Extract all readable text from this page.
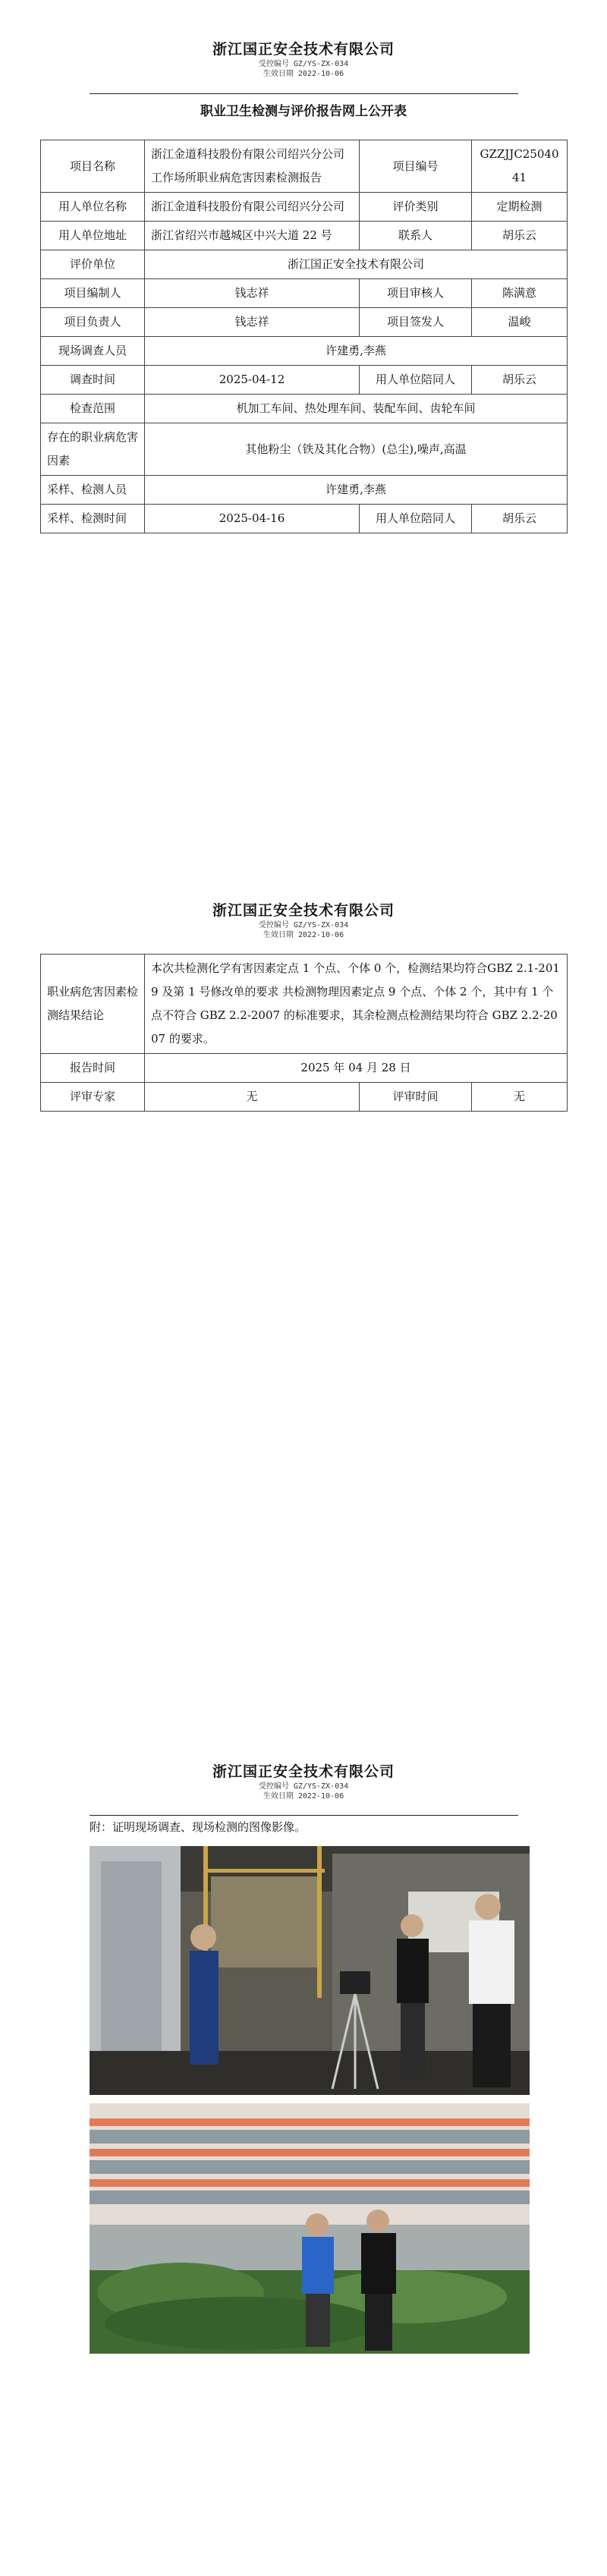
浙江国正安全技术有限公司
受控编号 GZ/YS-ZX-034
生效日期 2022-10-06
职业卫生检测与评价报告网上公开表
项目名称	浙江金道科技股份有限公司绍兴分公司工作场所职业病危害因素检测报告	项目编号	GZZJJC2504041
用人单位名称	浙江金道科技股份有限公司绍兴分公司	评价类别	定期检测
用人单位地址	浙江省绍兴市越城区中兴大道 22 号	联系人	胡乐云
评价单位	浙江国正安全技术有限公司		
项目编制人	钱志祥	项目审核人	陈满意
项目负责人	钱志祥	项目签发人	温峻
现场调查人员	许建勇,李燕		
调查时间	2025-04-12	用人单位陪同人	胡乐云
检查范围	机加工车间、热处理车间、装配车间、齿轮车间		
存在的职业病危害因素	其他粉尘（铁及其化合物）(总尘),噪声,高温		
采样、检测人员	许建勇,李燕		
采样、检测时间	2025-04-16	用人单位陪同人	胡乐云
浙江国正安全技术有限公司
受控编号 GZ/YS-ZX-034
生效日期 2022-10-06
职业病危害因素检测结果结论	本次共检测化学有害因素定点 1 个点、个体 0 个，检测结果均符合GBZ 2.1-2019 及第 1 号修改单的要求 共检测物理因素定点 9 个点、个体 2 个，其中有 1 个点不符合 GBZ 2.2-2007 的标准要求，其余检测点检测结果均符合 GBZ 2.2-2007 的要求。		
报告时间	2025 年 04 月 28 日		
评审专家	无	评审时间	无
浙江国正安全技术有限公司
受控编号 GZ/YS-ZX-034
生效日期 2022-10-06
附：证明现场调查、现场检测的图像影像。
